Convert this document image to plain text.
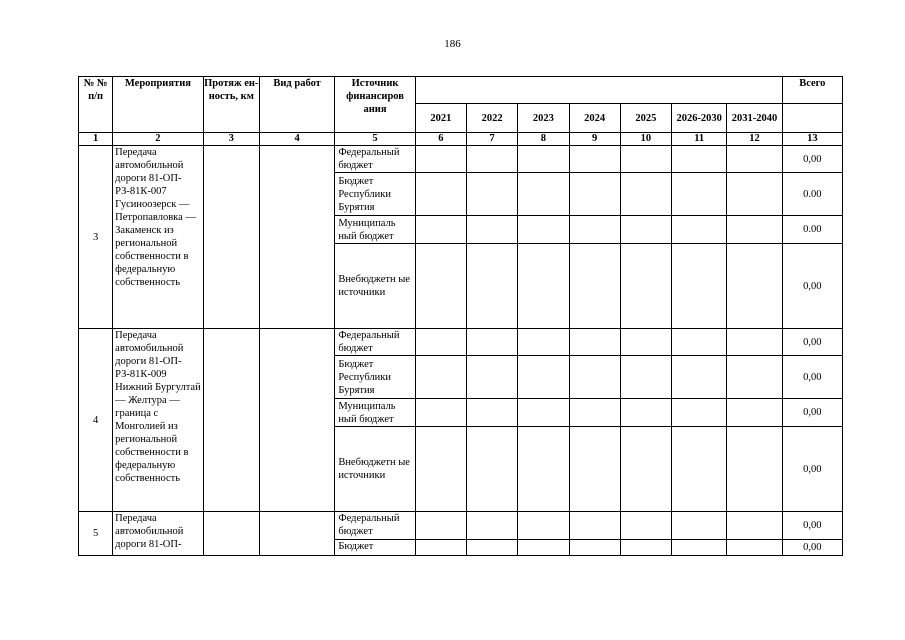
186
№ № п/п	Мероприятия	Протяж ен- ность, км	Вид работ	Источник финансиров ания								Всего
					2021	2022	2023	2024	2025	2026-2030	2031-2040	
1	2	3	4	5	6	7	8	9	10	11	12	13
3	Передача автомобильной дороги 81-ОП-РЗ-81К-007 Гусиноозерск — Петропавловка — Закаменск из региональной собственности в федеральную собственность			Федеральный бюджет								0,00
				Бюджет Республики Бурятия								0.00
				Муниципаль ный бюджет								0.00
				Внебюджетн ые источники								0,00
4	Передача автомобильной дороги 81-ОП-РЗ-81К-009 Нижний Бургултай — Желтура — граница с Монголией из региональной собственности в федеральную собственность			Федеральный бюджет								0,00
				Бюджет Республики Бурятия								0,00
				Муниципаль ный бюджет								0,00
				Внебюджетн ые источники								0,00
5	Передача автомобильной дороги 81-ОП-			Федеральный бюджет								0,00
				Бюджет								0,00
